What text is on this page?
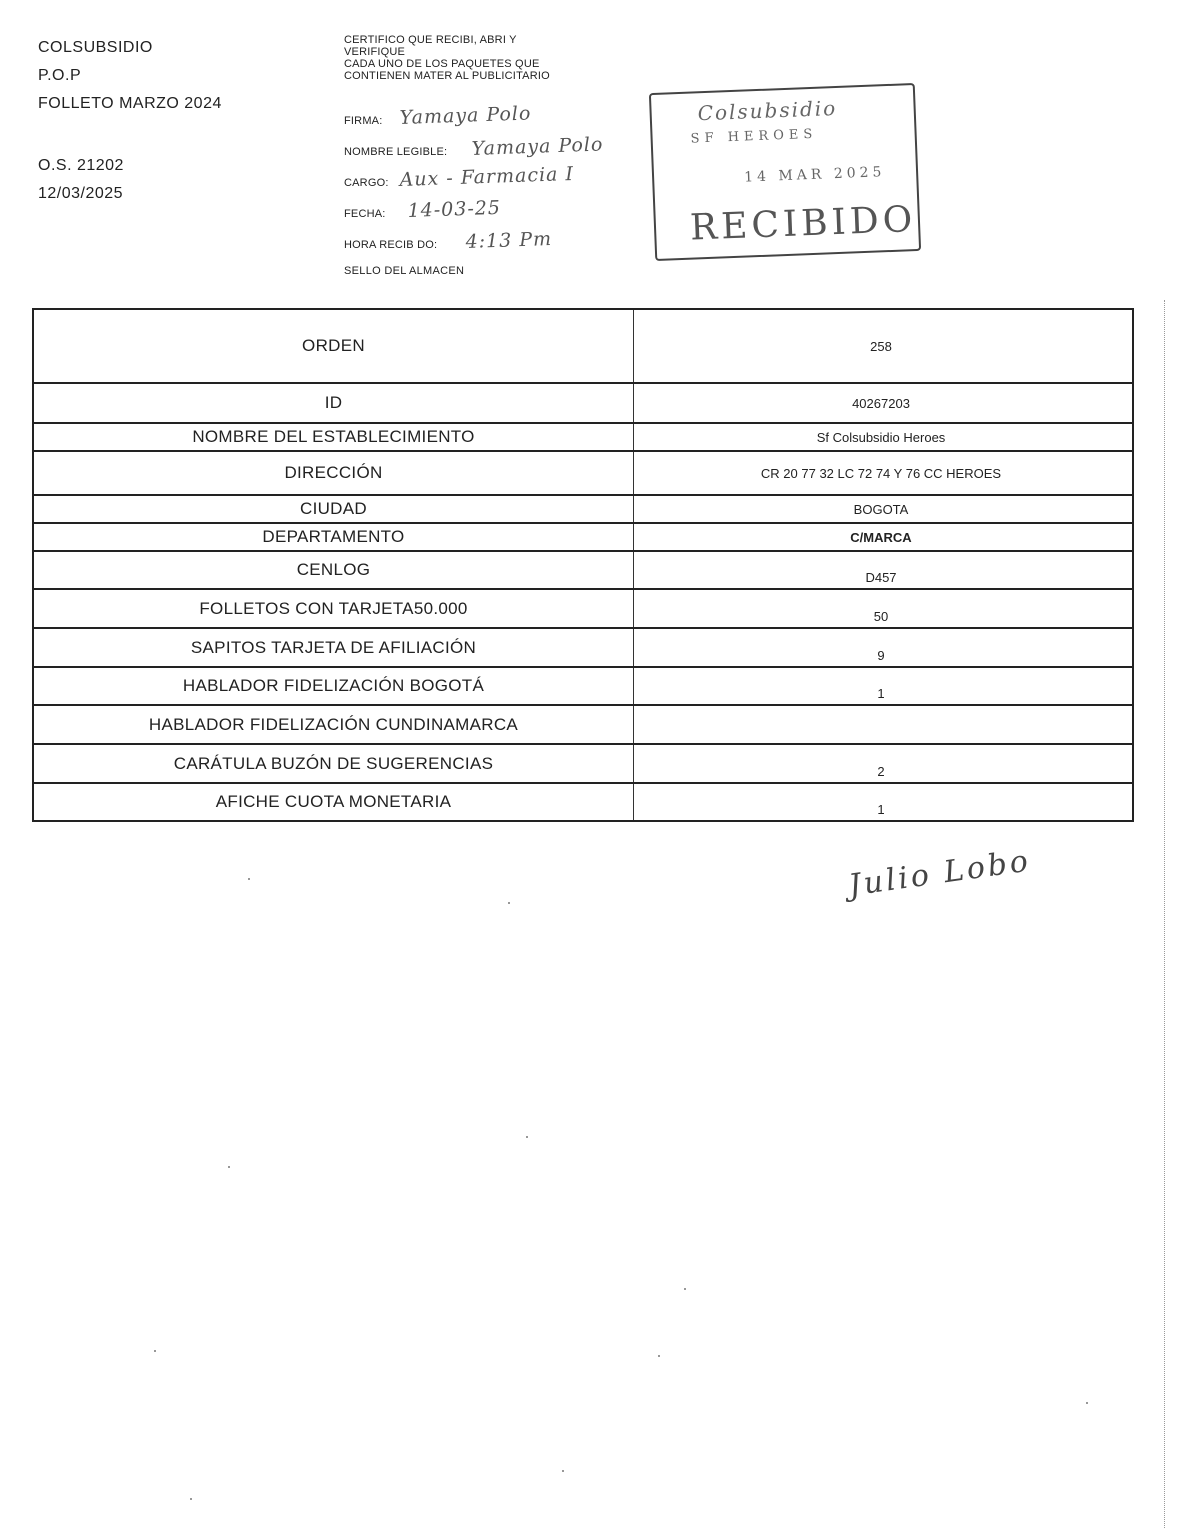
COLSUBSIDIO
P.O.P
FOLLETO MARZO 2024
O.S. 21202
12/03/2025
CERTIFICO QUE RECIBI, ABRI Y
VERIFIQUE
CADA UNO DE LOS PAQUETES QUE
CONTIENEN MATER AL PUBLICITARIO
FIRMA: Yamaya Polo
NOMBRE LEGIBLE: Yamaya Polo
CARGO: Aux - Farmacia I
FECHA: 14-03-25
HORA RECIB DO: 4:13 Pm
SELLO DEL ALMACEN
Colsubsidio
SF HEROES
14 MAR 2025
RECIBIDO
ORDEN	258
ID	40267203
NOMBRE DEL ESTABLECIMIENTO	Sf Colsubsidio Heroes
DIRECCIÓN	CR 20 77 32 LC 72 74 Y 76 CC HEROES
CIUDAD	BOGOTA
DEPARTAMENTO	C/MARCA
CENLOG	D457
FOLLETOS CON TARJETA50.000	50
SAPITOS TARJETA DE AFILIACIÓN	9
HABLADOR FIDELIZACIÓN BOGOTÁ	1
HABLADOR FIDELIZACIÓN CUNDINAMARCA
CARÁTULA BUZÓN DE SUGERENCIAS	2
AFICHE CUOTA MONETARIA	1
Julio Lobo
